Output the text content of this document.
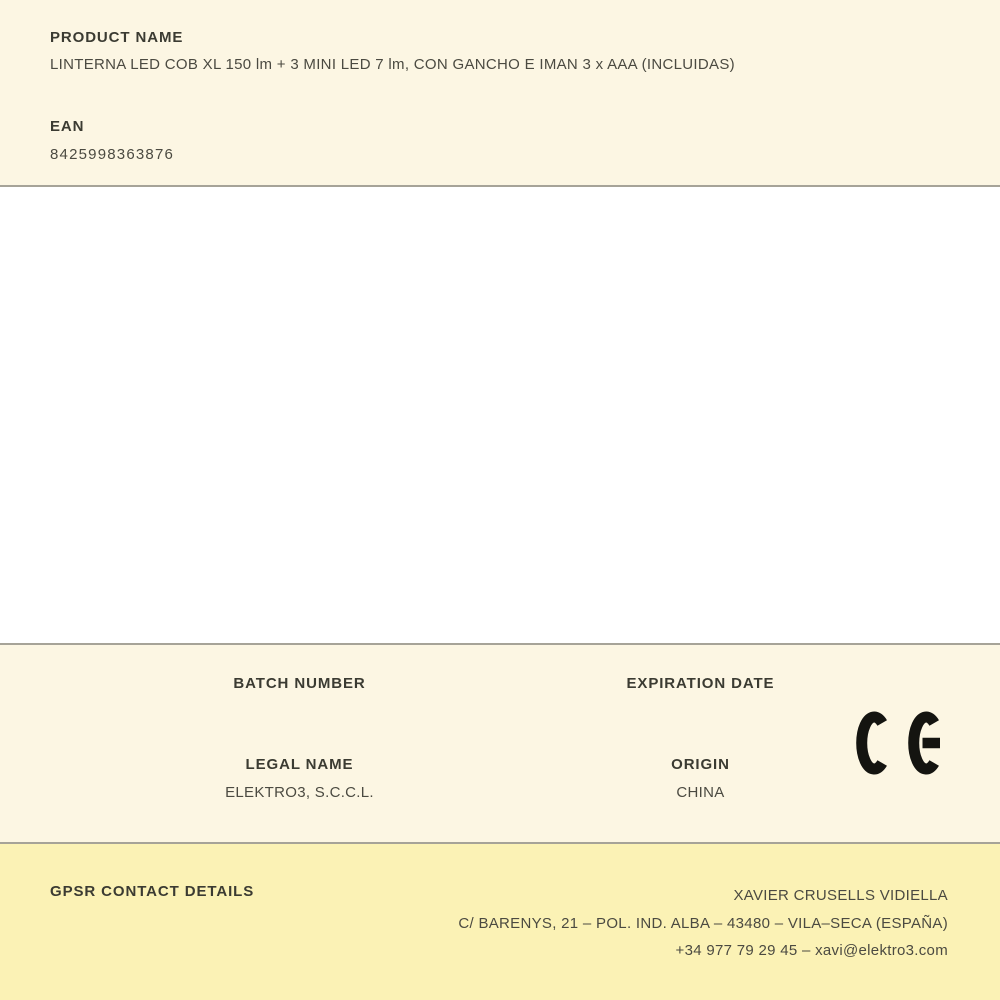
PRODUCT NAME
LINTERNA LED COB XL 150 lm + 3 MINI LED 7 lm, CON GANCHO E IMAN 3 x AAA (INCLUIDAS)
EAN
8425998363876
BATCH NUMBER
LEGAL NAME
ELEKTRO3, S.C.C.L.
EXPIRATION DATE
ORIGIN
CHINA
GPSR CONTACT DETAILS	XAVIER CRUSELLS VIDIELLA
C/ BARENYS, 21 – POL. IND. ALBA – 43480 – VILA–SECA (ESPAÑA)
+34 977 79 29 45 – xavi@elektro3.com
